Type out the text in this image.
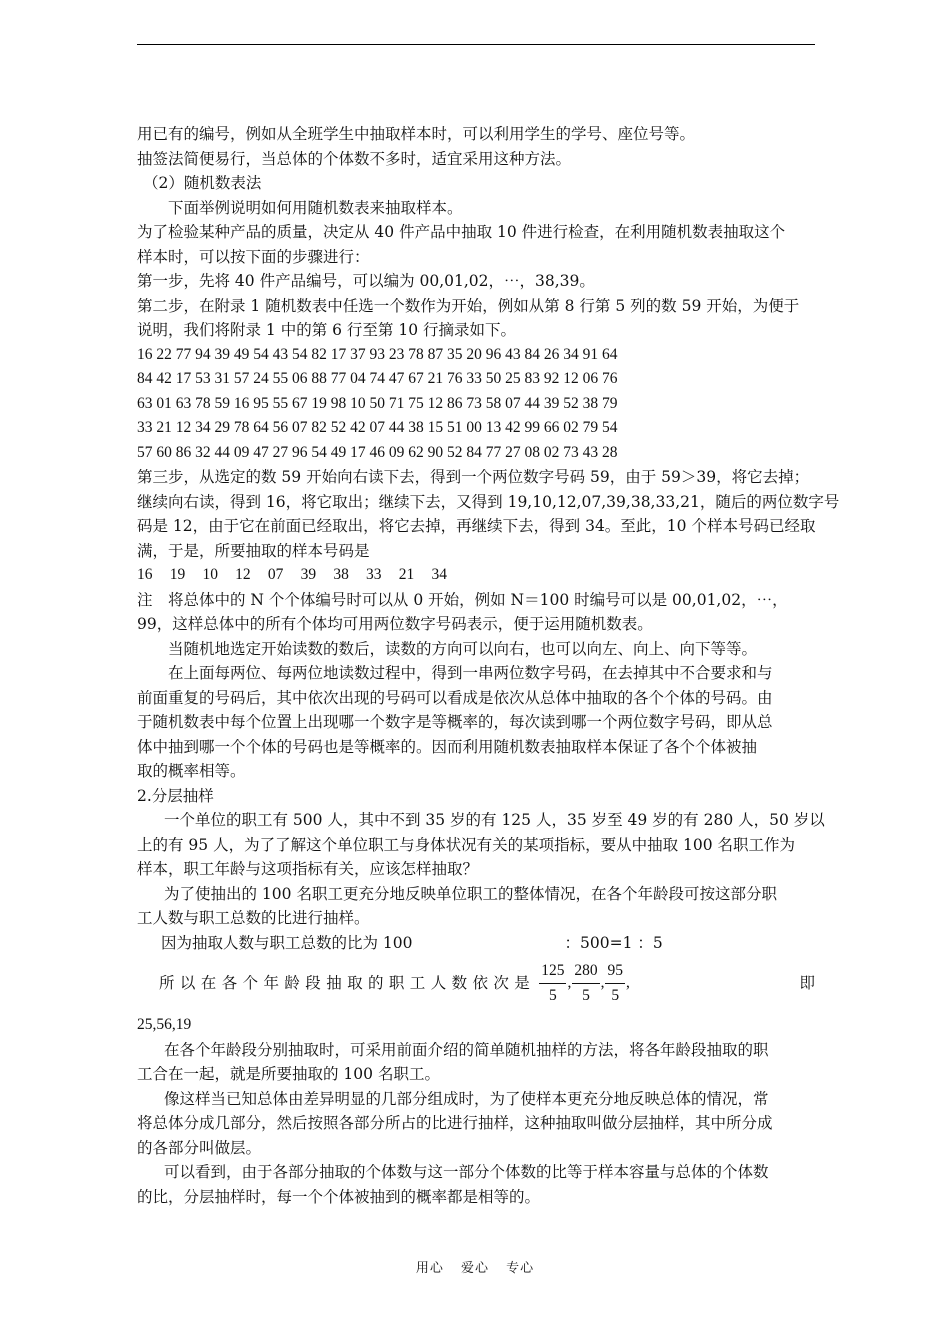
用已有的编号，例如从全班学生中抽取样本时，可以利用学生的学号、座位号等。
抽签法简便易行，当总体的个体数不多时，适宜采用这种方法。
（2）随机数表法
下面举例说明如何用随机数表来抽取样本。
为了检验某种产品的质量，决定从 40 件产品中抽取 10 件进行检查，在利用随机数表抽取这个
样本时，可以按下面的步骤进行：
第一步，先将 40 件产品编号，可以编为 00,01,02，⋯，38,39。
第二步，在附录 1 随机数表中任选一个数作为开始，例如从第 8 行第 5 列的数 59 开始，为便于
说明，我们将附录 1 中的第 6 行至第 10 行摘录如下。
16 22 77 94 39 49 54 43 54 82 17 37 93 23 78 87 35 20 96 43 84 26 34 91 64
84 42 17 53 31 57 24 55 06 88 77 04 74 47 67 21 76 33 50 25 83 92 12 06 76
63 01 63 78 59 16 95 55 67 19 98 10 50 71 75 12 86 73 58 07 44 39 52 38 79
33 21 12 34 29 78 64 56 07 82 52 42 07 44 38 15 51 00 13 42 99 66 02 79 54
57 60 86 32 44 09 47 27 96 54 49 17 46 09 62 90 52 84 77 27 08 02 73 43 28
第三步，从选定的数 59 开始向右读下去，得到一个两位数字号码 59，由于 59＞39，将它去掉；
继续向右读，得到 16，将它取出；继续下去，又得到 19,10,12,07,39,38,33,21，随后的两位数字号
码是 12，由于它在前面已经取出，将它去掉，再继续下去，得到 34。至此，10 个样本号码已经取
满，于是，所要抽取的样本号码是
16 19 10 12 07 39 38 33 21 34
注　将总体中的 N 个个体编号时可以从 0 开始，例如 N＝100 时编号可以是 00,01,02，⋯，
99，这样总体中的所有个体均可用两位数字号码表示，便于运用随机数表。
当随机地选定开始读数的数后，读数的方向可以向右，也可以向左、向上、向下等等。
在上面每两位、每两位地读数过程中，得到一串两位数字号码，在去掉其中不合要求和与
前面重复的号码后，其中依次出现的号码可以看成是依次从总体中抽取的各个个体的号码。由
于随机数表中每个位置上出现哪一个数字是等概率的，每次读到哪一个两位数字号码，即从总
体中抽到哪一个个体的号码也是等概率的。因而利用随机数表抽取样本保证了各个个体被抽
取的概率相等。
2.分层抽样
一个单位的职工有 500 人，其中不到 35 岁的有 125 人，35 岁至 49 岁的有 280 人，50 岁以
上的有 95 人，为了了解这个单位职工与身体状况有关的某项指标，要从中抽取 100 名职工作为
样本，职工年龄与这项指标有关，应该怎样抽取？
为了使抽出的 100 名职工更充分地反映单位职工的整体情况，在各个年龄段可按这部分职
工人数与职工总数的比进行抽样。
因为抽取人数与职工总数的比为 100	：500=1 ：5
所以在各个年龄段抽取的职工人数依次是 $\frac{125}{5}$ , $\frac{280}{5}$ , $\frac{95}{5}$ ,	即
25,56,19
在各个年龄段分别抽取时，可采用前面介绍的简单随机抽样的方法，将各年龄段抽取的职
工合在一起，就是所要抽取的 100 名职工。
像这样当已知总体由差异明显的几部分组成时，为了使样本更充分地反映总体的情况，常
将总体分成几部分，然后按照各部分所占的比进行抽样，这种抽取叫做分层抽样，其中所分成
的各部分叫做层。
可以看到，由于各部分抽取的个体数与这一部分个体数的比等于样本容量与总体的个体数
的比，分层抽样时，每一个个体被抽到的概率都是相等的。
用心 爱心 专心
